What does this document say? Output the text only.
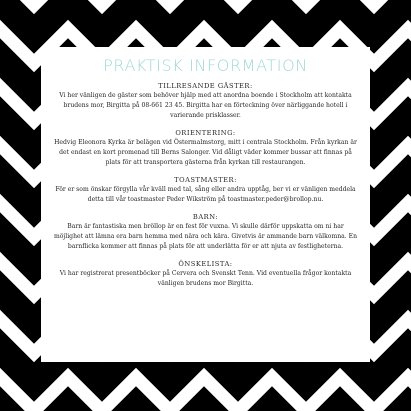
PRAKTISK INFORMATION
TILLRESANDE GÄSTER:
Vi her vänligen de gäster som behöver hjälp med att anordna boende i Stockholm att kontakta brudens mor, Birgitta på 08-661 23 45. Birgitta har en förteckning över närliggande hotell i varierande prisklasser.
ORIENTERING:
Hedvig Eleonora Kyrka är belägen vid Östermalmstorg, mitt i centrala Stockholm. Från kyrkan är det endast en kort promenad till Berns Salonger. Vid dåligt väder kommer bussar att finnas på plats för att transportera gästerna från kyrkan till restaurangen.
TOASTMASTER:
För er som önskar förgylla vår kväll med tal, sång eller andra upptåg, ber vi er vänligen meddela detta till vår toastmaster Peder Wikström på toastmaster.peder@brollop.nu.
BARN:
Barn är fantastiska men bröllop är en fest för vuxna. Vi skulle därför uppskatta om ni har möjlighet att lämna era barn hemma med nära och kära. Givetvis är ammande barn välkomna. En barnflicka kommer att finnas på plats för att underlätta för er att njuta av festligheterna.
ÖNSKELISTA:
Vi har registrerat presentböcker på Cervera och Svenskt Tenn. Vid eventuella frågor kontakta vänligen brudens mor Birgitta.
